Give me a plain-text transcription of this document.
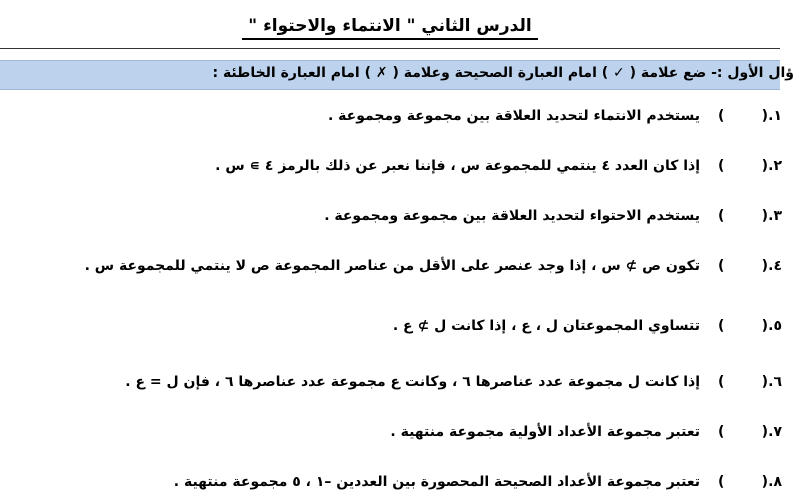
الدرس الثاني " الانتماء والاحتواء "
ؤال الأول :- ضع علامة ( ✓ ) امام العبارة الصحيحة وعلامة ( ✗ ) امام العبارة الخاطئة :
١.
(
)
يستخدم الانتماء لتحديد العلاقة بين مجموعة ومجموعة .
٢.
(
)
إذا كان العدد ٤ ينتمي للمجموعة س ، فإننا نعبر عن ذلك بالرمز ٤ ∍ س .
٣.
(
)
يستخدم الاحتواء لتحديد العلاقة بين مجموعة ومجموعة .
٤.
(
)
تكون ص ⊅ س ، إذا وجد عنصر على الأقل من عناصر المجموعة ص لا ينتمي للمجموعة س .
٥.
(
)
تتساوي المجموعتان ل ، ع ، إذا كانت ل ⊅ ع .
٦.
(
)
إذا كانت ل مجموعة عدد عناصرها ٦ ، وكانت ع مجموعة عدد عناصرها ٦ ، فإن ل = ع .
٧.
(
)
تعتبر مجموعة الأعداد الأولية مجموعة منتهية .
٨.
(
)
تعتبر مجموعة الأعداد الصحيحة المحصورة بين العددين –١ ، ٥ مجموعة منتهية .
